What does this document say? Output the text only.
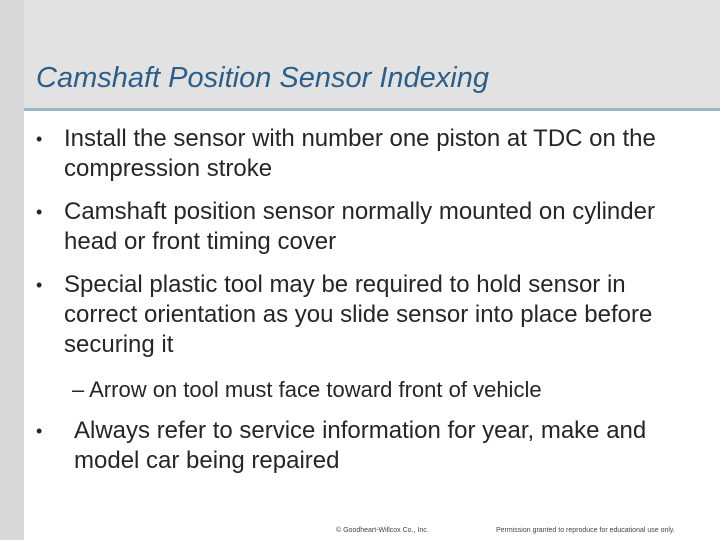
Camshaft Position Sensor Indexing
• Install the sensor with number one piston at TDC on the compression stroke
• Camshaft position sensor normally mounted on cylinder head or front timing cover
• Special plastic tool may be required to hold sensor in correct orientation as you slide sensor into place before securing it
– Arrow on tool must face toward front of vehicle
• Always refer to service information for year, make and model car being repaired
© Goodheart-Willcox Co., Inc.	Permission granted to reproduce for educational use only.
